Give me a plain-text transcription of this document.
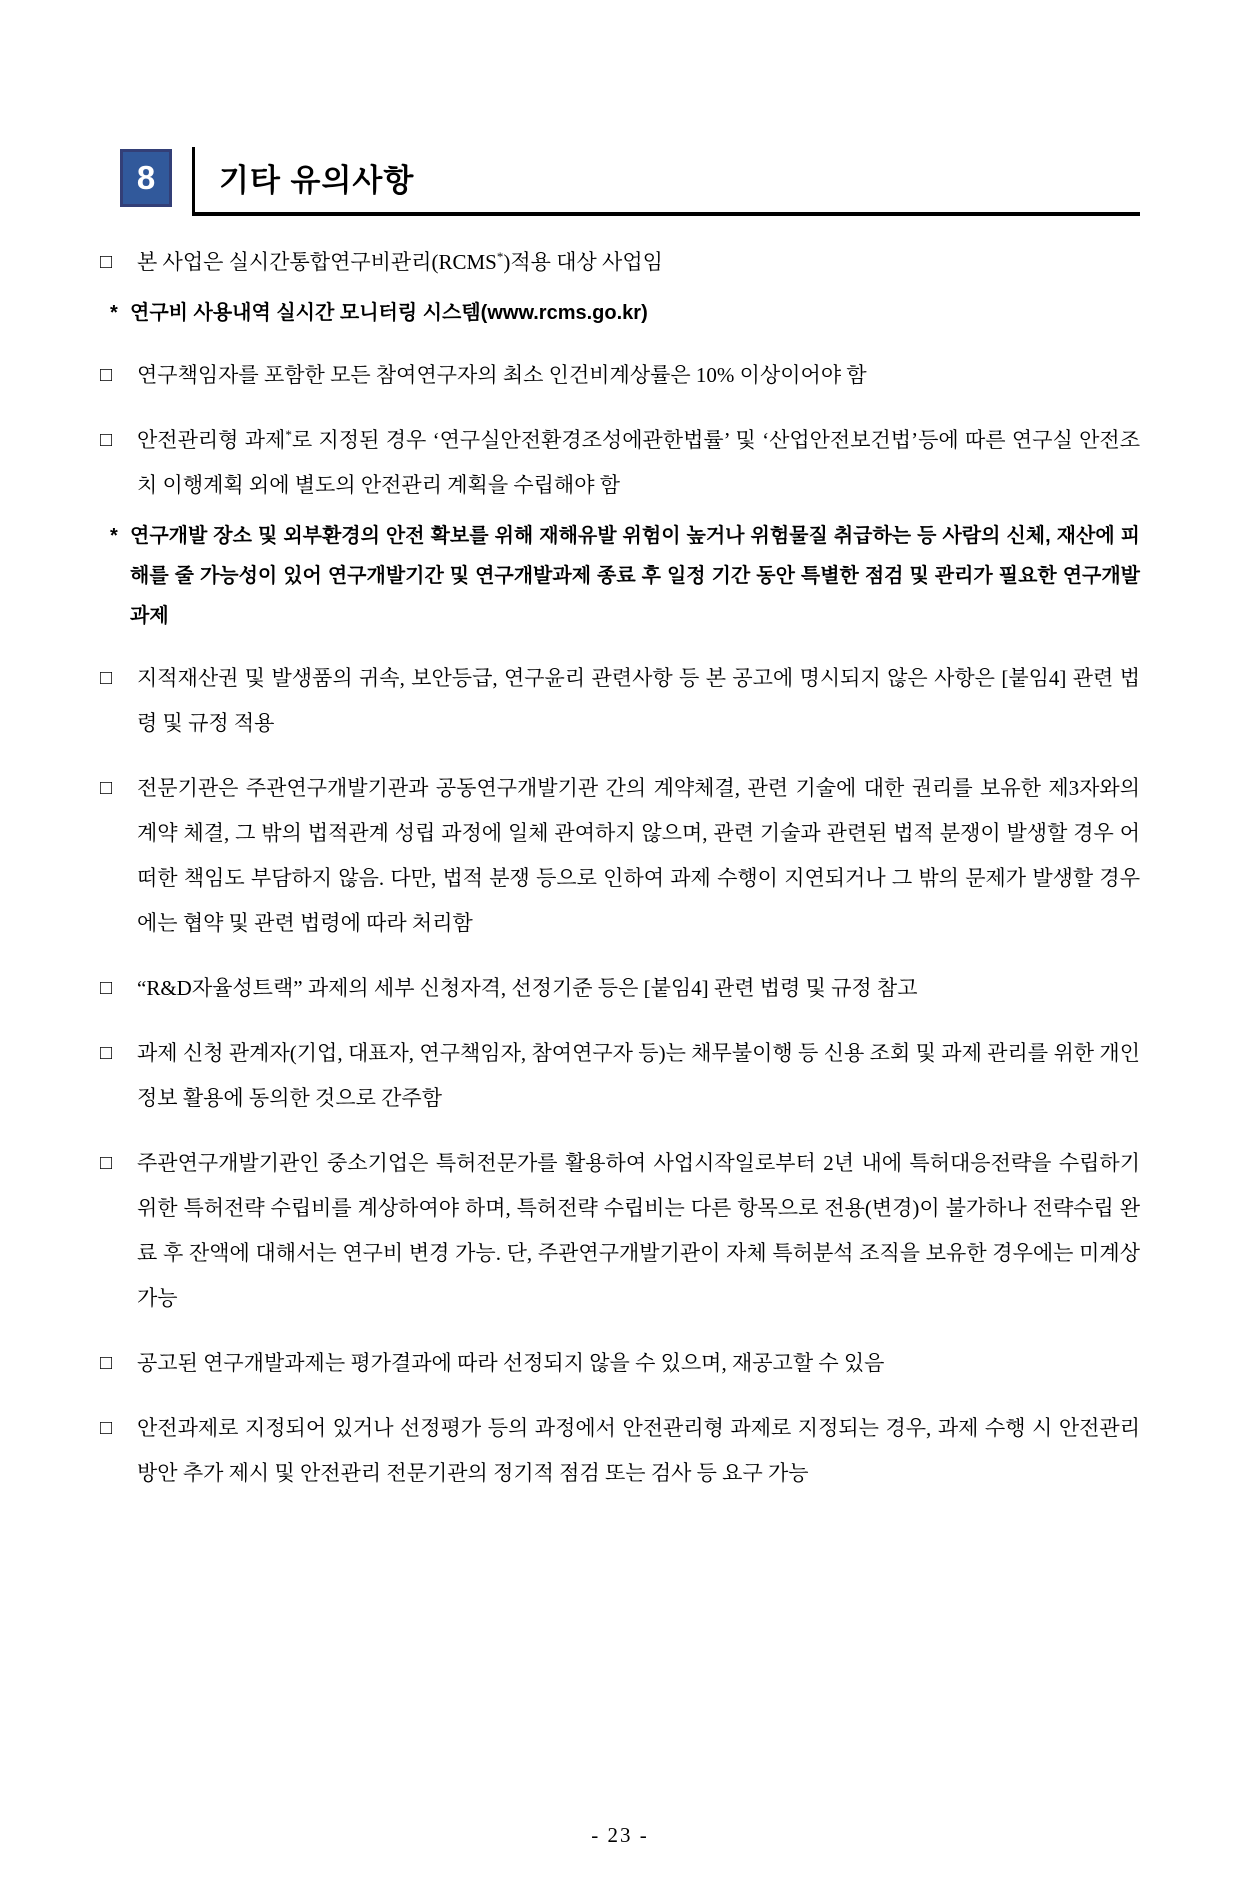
8	기타 유의사항
□	본 사업은 실시간통합연구비관리(RCMS*)적용 대상 사업임
* 연구비 사용내역 실시간 모니터링 시스템(www.rcms.go.kr)
□	연구책임자를 포함한 모든 참여연구자의 최소 인건비계상률은 10% 이상이어야 함
□	안전관리형 과제*로 지정된 경우 ‘연구실안전환경조성에관한법률’ 및 ‘산업안전보건법’등에 따른 연구실 안전조치 이행계획 외에 별도의 안전관리 계획을 수립해야 함
* 연구개발 장소 및 외부환경의 안전 확보를 위해 재해유발 위험이 높거나 위험물질 취급하는 등 사람의 신체, 재산에 피해를 줄 가능성이 있어 연구개발기간 및 연구개발과제 종료 후 일정 기간 동안 특별한 점검 및 관리가 필요한 연구개발과제
□	지적재산권 및 발생품의 귀속, 보안등급, 연구윤리 관련사항 등 본 공고에 명시되지 않은 사항은 [붙임4] 관련 법령 및 규정 적용
□	전문기관은 주관연구개발기관과 공동연구개발기관 간의 계약체결, 관련 기술에 대한 권리를 보유한 제3자와의 계약 체결, 그 밖의 법적관계 성립 과정에 일체 관여하지 않으며, 관련 기술과 관련된 법적 분쟁이 발생할 경우 어떠한 책임도 부담하지 않음. 다만, 법적 분쟁 등으로 인하여 과제 수행이 지연되거나 그 밖의 문제가 발생할 경우에는 협약 및 관련 법령에 따라 처리함
□	“R&D자율성트랙” 과제의 세부 신청자격, 선정기준 등은 [붙임4] 관련 법령 및 규정 참고
□	과제 신청 관계자(기업, 대표자, 연구책임자, 참여연구자 등)는 채무불이행 등 신용 조회 및 과제 관리를 위한 개인정보 활용에 동의한 것으로 간주함
□	주관연구개발기관인 중소기업은 특허전문가를 활용하여 사업시작일로부터 2년 내에 특허대응전략을 수립하기 위한 특허전략 수립비를 계상하여야 하며, 특허전략 수립비는 다른 항목으로 전용(변경)이 불가하나 전략수립 완료 후 잔액에 대해서는 연구비 변경 가능. 단, 주관연구개발기관이 자체 특허분석 조직을 보유한 경우에는 미계상 가능
□	공고된 연구개발과제는 평가결과에 따라 선정되지 않을 수 있으며, 재공고할 수 있음
□	안전과제로 지정되어 있거나 선정평가 등의 과정에서 안전관리형 과제로 지정되는 경우, 과제 수행 시 안전관리 방안 추가 제시 및 안전관리 전문기관의 정기적 점검 또는 검사 등 요구 가능
- 23 -
